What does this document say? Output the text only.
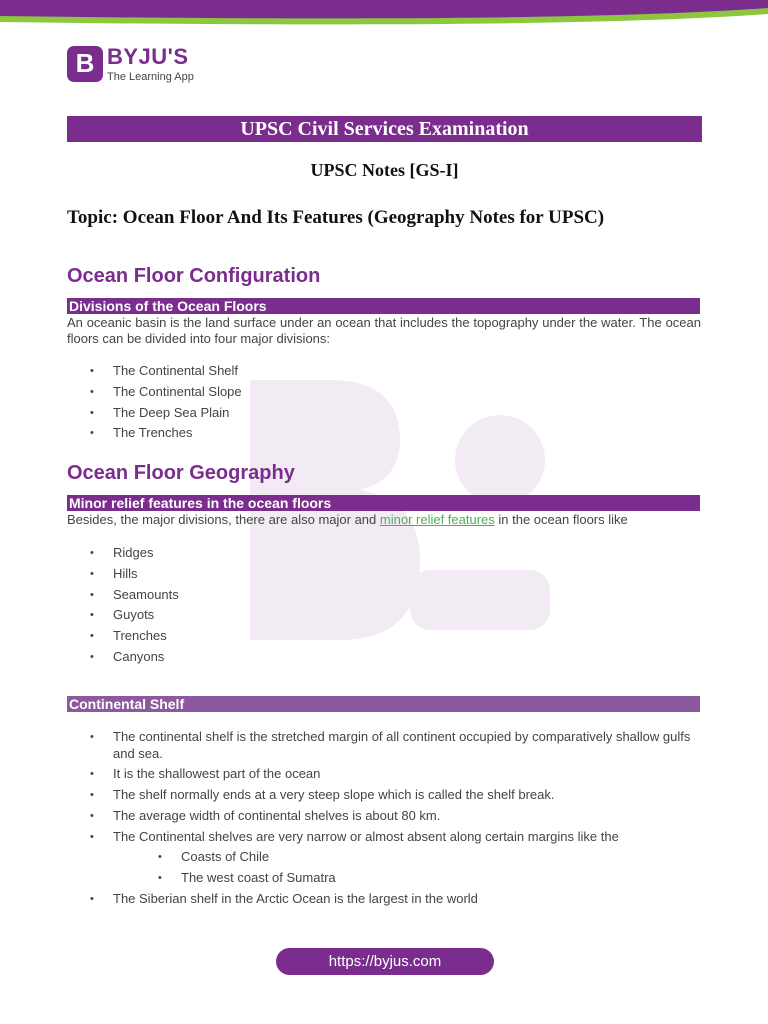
B BYJU'S
The Learning App
UPSC Civil Services Examination
UPSC Notes [GS-I]
Topic: Ocean Floor And Its Features (Geography Notes for UPSC)
Ocean Floor Configuration
Divisions of the Ocean Floors

An oceanic basin is the land surface under an ocean that includes the topography under the water. The ocean floors can be divided into four major divisions:

• The Continental Shelf
• The Continental Slope
• The Deep Sea Plain
• The Trenches
Ocean Floor Geography
Minor relief features in the ocean floors

Besides, the major divisions, there are also major and minor relief features in the ocean floors like

• Ridges
• Hills
• Seamounts
• Guyots
• Trenches
• Canyons
Continental Shelf
• The continental shelf is the stretched margin of all continent occupied by comparatively shallow gulfs and sea.
• It is the shallowest part of the ocean
• The shelf normally ends at a very steep slope which is called the shelf break.
• The average width of continental shelves is about 80 km.
• The Continental shelves are very narrow or almost absent along certain margins like the
• Coasts of Chile
• The west coast of Sumatra
• The Siberian shelf in the Arctic Ocean is the largest in the world
https://byjus.com
